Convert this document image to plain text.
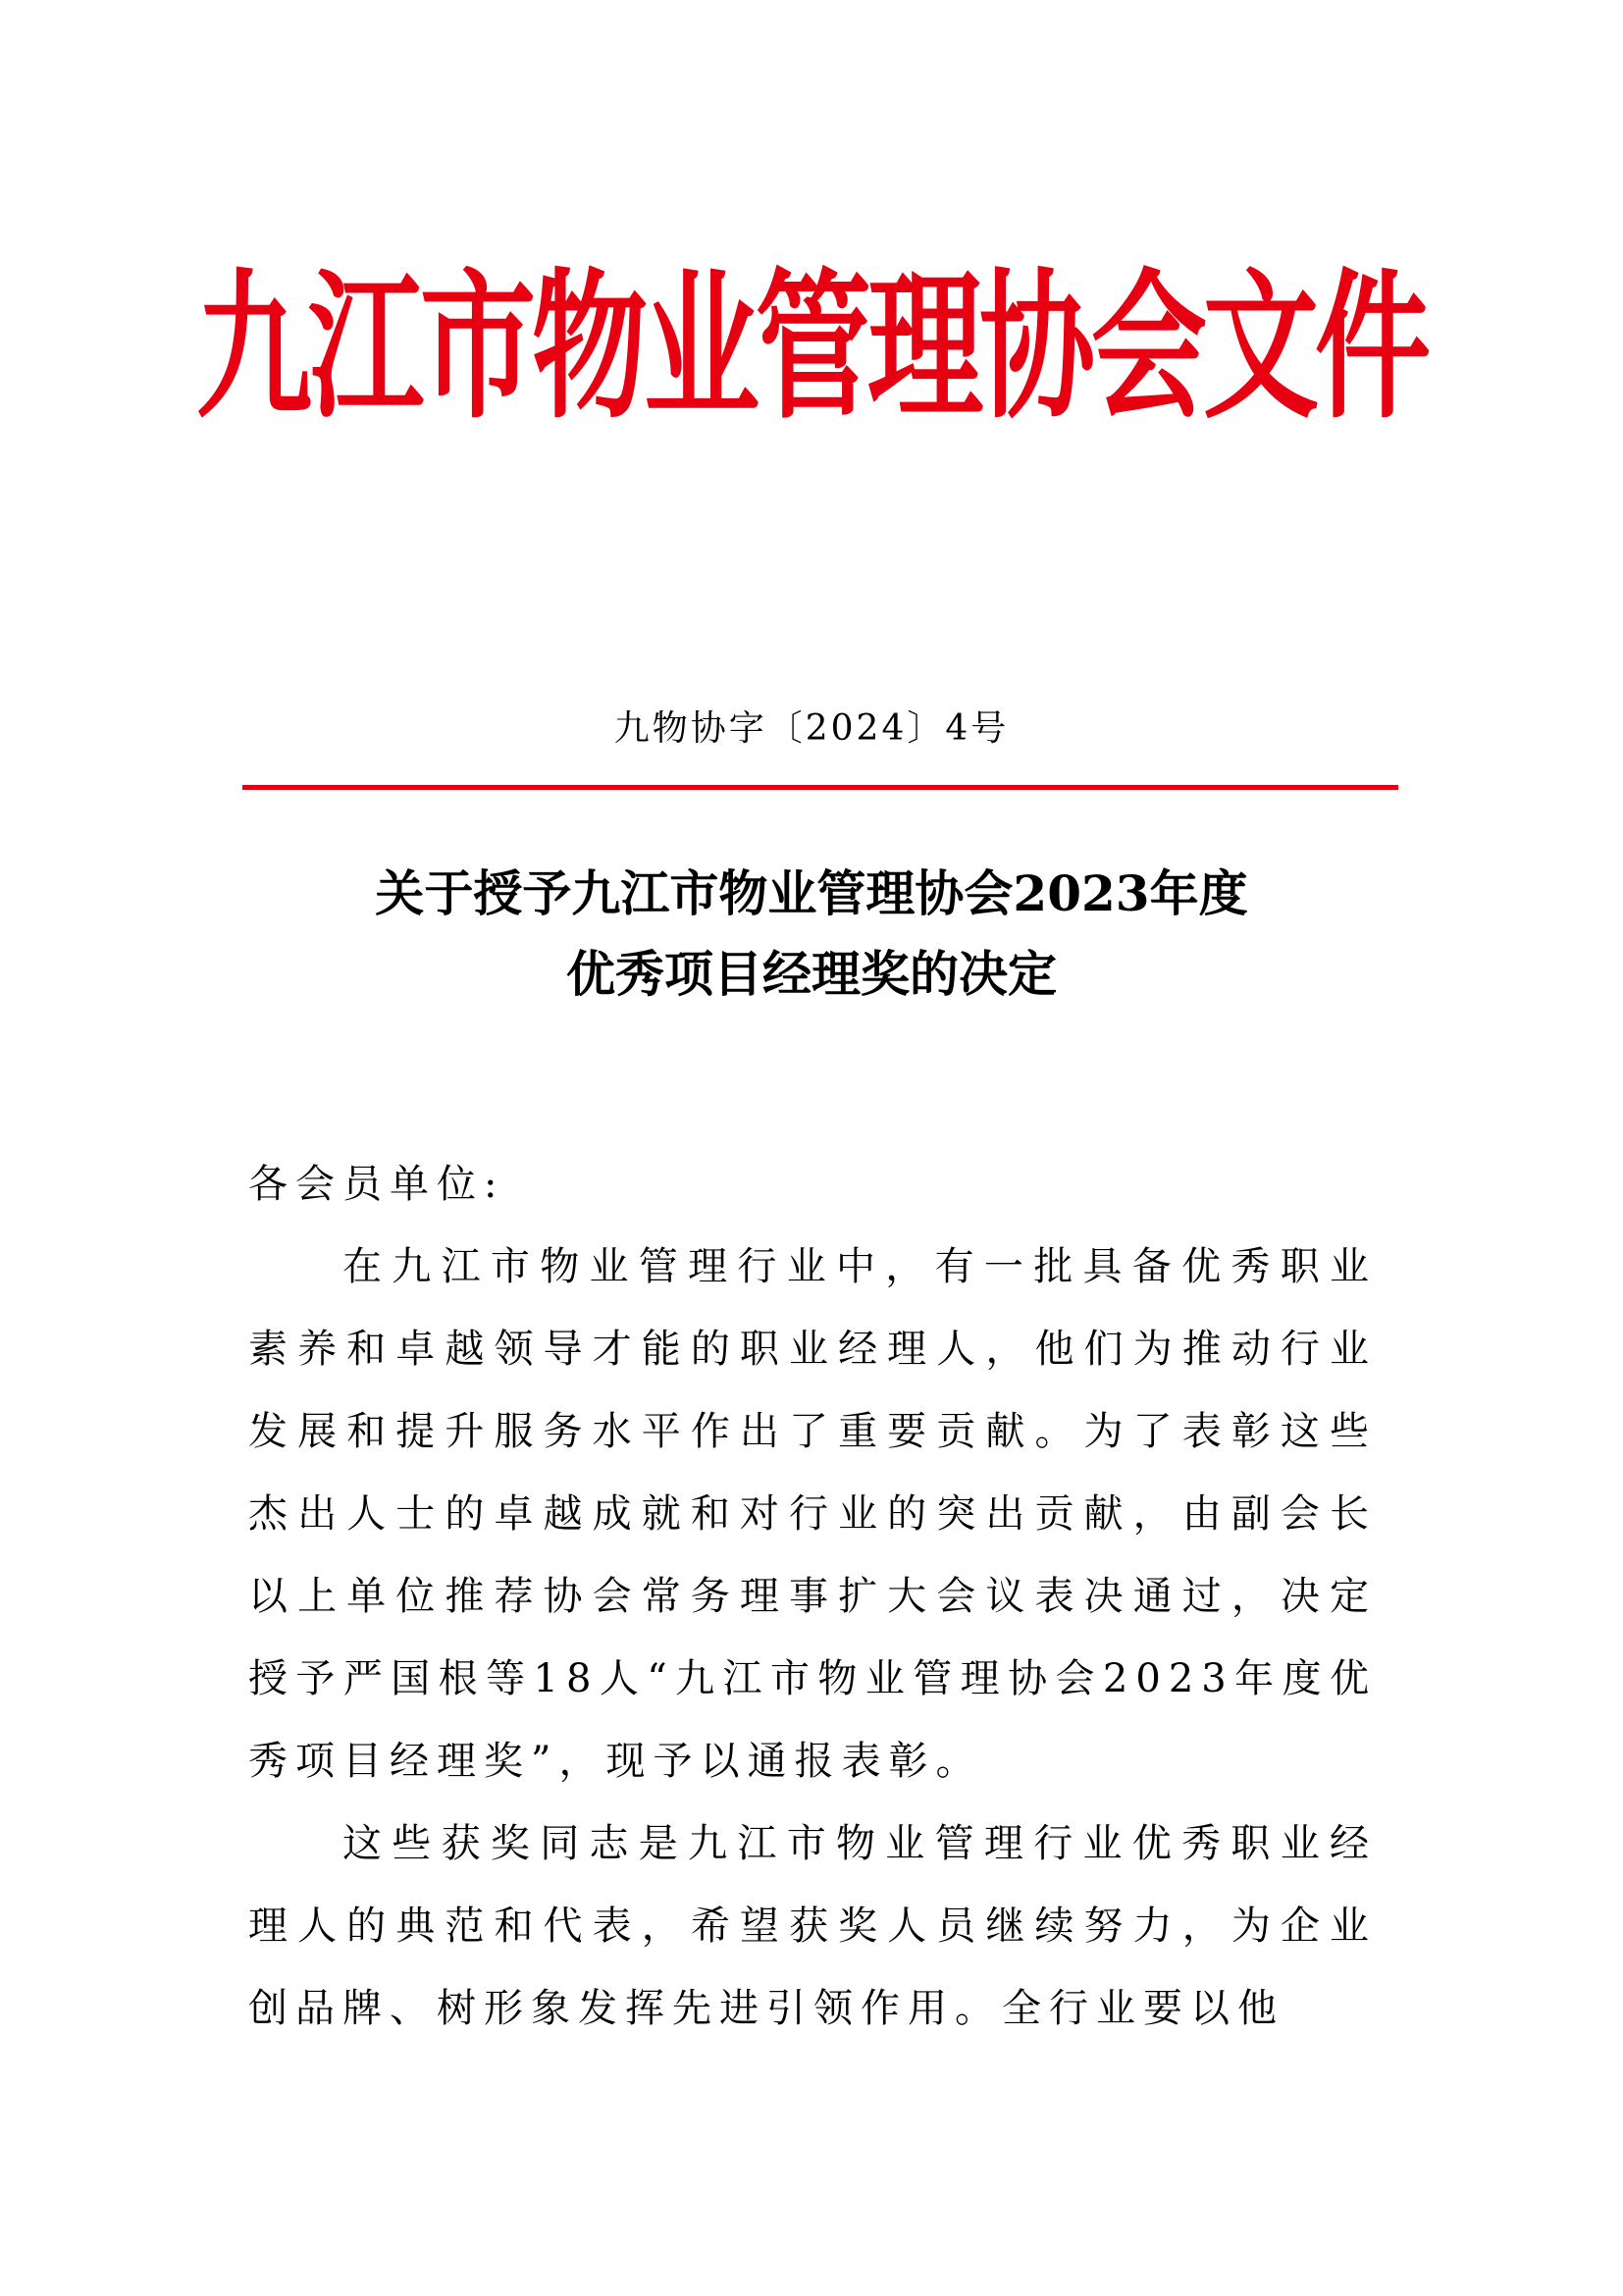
九江市物业管理协会文件
九物协字〔2024〕4号
关于授予九江市物业管理协会2023年度
优秀项目经理奖的决定

各会员单位:

在九江市物业管理行业中，有一批具备优秀职业素养和卓越领导才能的职业经理人，他们为推动行业发展和提升服务水平作出了重要贡献。为了表彰这些杰出人士的卓越成就和对行业的突出贡献，由副会长以上单位推荐协会常务理事扩大会议表决通过，决定授予严国根等18人“九江市物业管理协会2023年度优秀项目经理奖”，现予以通报表彰。

这些获奖同志是九江市物业管理行业优秀职业经理人的典范和代表，希望获奖人员继续努力，为企业创品牌、树形象发挥先进引领作用。全行业要以他
